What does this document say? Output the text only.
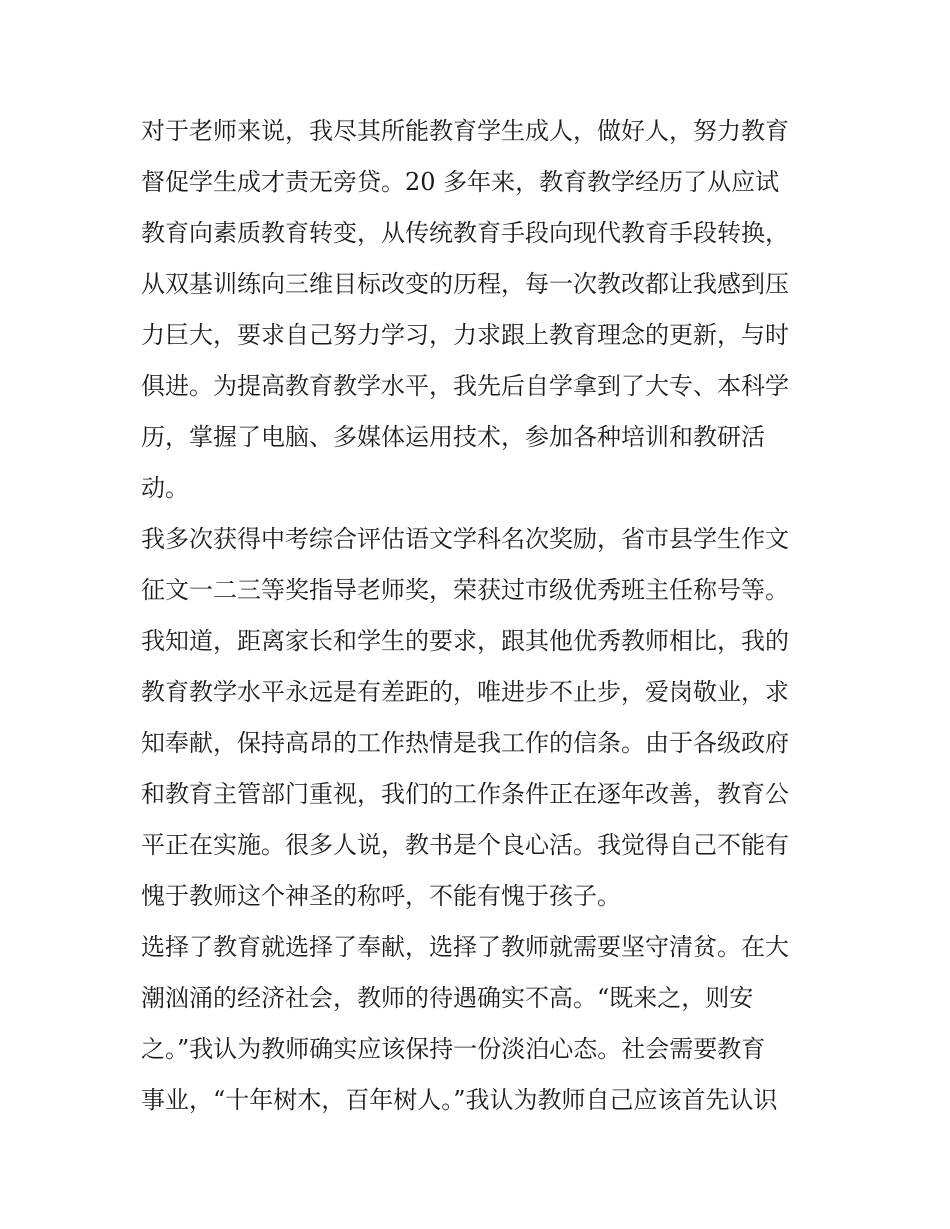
对于老师来说，我尽其所能教育学生成人，做好人，努力教育
督促学生成才责无旁贷。20 多年来，教育教学经历了从应试
教育向素质教育转变，从传统教育手段向现代教育手段转换，
从双基训练向三维目标改变的历程，每一次教改都让我感到压
力巨大，要求自己努力学习，力求跟上教育理念的更新，与时
俱进。为提高教育教学水平，我先后自学拿到了大专、本科学
历，掌握了电脑、多媒体运用技术，参加各种培训和教研活
动。
我多次获得中考综合评估语文学科名次奖励，省市县学生作文
征文一二三等奖指导老师奖，荣获过市级优秀班主任称号等。
我知道，距离家长和学生的要求，跟其他优秀教师相比，我的
教育教学水平永远是有差距的，唯进步不止步，爱岗敬业，求
知奉献，保持高昂的工作热情是我工作的信条。由于各级政府
和教育主管部门重视，我们的工作条件正在逐年改善，教育公
平正在实施。很多人说，教书是个良心活。我觉得自己不能有
愧于教师这个神圣的称呼，不能有愧于孩子。
选择了教育就选择了奉献，选择了教师就需要坚守清贫。在大
潮汹涌的经济社会，教师的待遇确实不高。“既来之，则安
之。”我认为教师确实应该保持一份淡泊心态。社会需要教育
事业，“十年树木，百年树人。”我认为教师自己应该首先认识
